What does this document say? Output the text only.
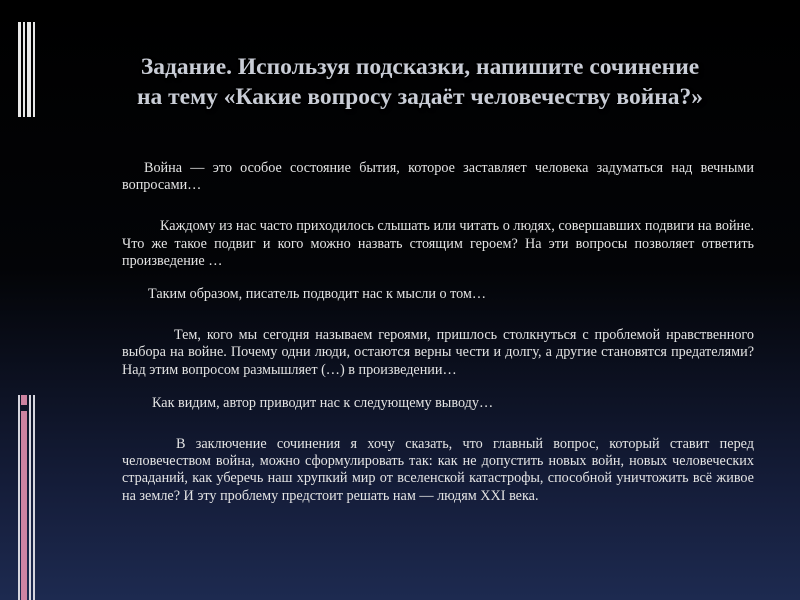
Задание. Используя подсказки, напишите сочинение
на тему «Какие вопросу задаёт человечеству война?»

Война — это особое состояние бытия, которое заставляет человека задуматься над вечными вопросами…

Каждому из нас часто приходилось слышать или читать о людях, совершавших подвиги на войне. Что же такое подвиг и кого можно назвать стоящим героем? На эти вопросы позволяет ответить произведение …

Таким образом, писатель подводит нас к мысли о том…

Тем, кого мы сегодня называем героями, пришлось столкнуться с проблемой нравственного выбора на войне. Почему одни люди, остаются верны чести и долгу, а другие становятся предателями? Над этим вопросом размышляет (…) в произведении…

Как видим, автор приводит нас к следующему выводу…

В заключение сочинения я хочу сказать, что главный вопрос, который ставит перед человечеством война, можно сформулировать так: как не допустить новых войн, новых человеческих страданий, как уберечь наш хрупкий мир от вселенской катастрофы, способной уничтожить всё живое на земле? И эту проблему предстоит решать нам — людям XXI века.
